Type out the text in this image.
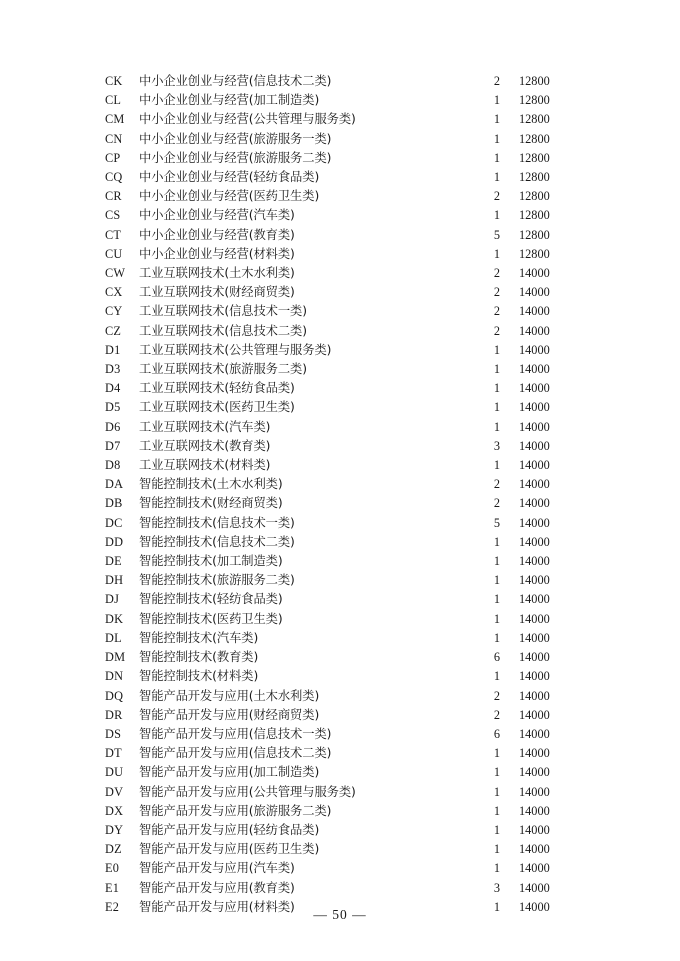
CK	中小企业创业与经营(信息技术二类)	2	12800
CL	中小企业创业与经营(加工制造类)	1	12800
CM	中小企业创业与经营(公共管理与服务类)	1	12800
CN	中小企业创业与经营(旅游服务一类)	1	12800
CP	中小企业创业与经营(旅游服务二类)	1	12800
CQ	中小企业创业与经营(轻纺食品类)	1	12800
CR	中小企业创业与经营(医药卫生类)	2	12800
CS	中小企业创业与经营(汽车类)	1	12800
CT	中小企业创业与经营(教育类)	5	12800
CU	中小企业创业与经营(材料类)	1	12800
CW	工业互联网技术(土木水利类)	2	14000
CX	工业互联网技术(财经商贸类)	2	14000
CY	工业互联网技术(信息技术一类)	2	14000
CZ	工业互联网技术(信息技术二类)	2	14000
D1	工业互联网技术(公共管理与服务类)	1	14000
D3	工业互联网技术(旅游服务二类)	1	14000
D4	工业互联网技术(轻纺食品类)	1	14000
D5	工业互联网技术(医药卫生类)	1	14000
D6	工业互联网技术(汽车类)	1	14000
D7	工业互联网技术(教育类)	3	14000
D8	工业互联网技术(材料类)	1	14000
DA	智能控制技术(土木水利类)	2	14000
DB	智能控制技术(财经商贸类)	2	14000
DC	智能控制技术(信息技术一类)	5	14000
DD	智能控制技术(信息技术二类)	1	14000
DE	智能控制技术(加工制造类)	1	14000
DH	智能控制技术(旅游服务二类)	1	14000
DJ	智能控制技术(轻纺食品类)	1	14000
DK	智能控制技术(医药卫生类)	1	14000
DL	智能控制技术(汽车类)	1	14000
DM	智能控制技术(教育类)	6	14000
DN	智能控制技术(材料类)	1	14000
DQ	智能产品开发与应用(土木水利类)	2	14000
DR	智能产品开发与应用(财经商贸类)	2	14000
DS	智能产品开发与应用(信息技术一类)	6	14000
DT	智能产品开发与应用(信息技术二类)	1	14000
DU	智能产品开发与应用(加工制造类)	1	14000
DV	智能产品开发与应用(公共管理与服务类)	1	14000
DX	智能产品开发与应用(旅游服务二类)	1	14000
DY	智能产品开发与应用(轻纺食品类)	1	14000
DZ	智能产品开发与应用(医药卫生类)	1	14000
E0	智能产品开发与应用(汽车类)	1	14000
E1	智能产品开发与应用(教育类)	3	14000
E2	智能产品开发与应用(材料类)	1	14000
— 50 —
